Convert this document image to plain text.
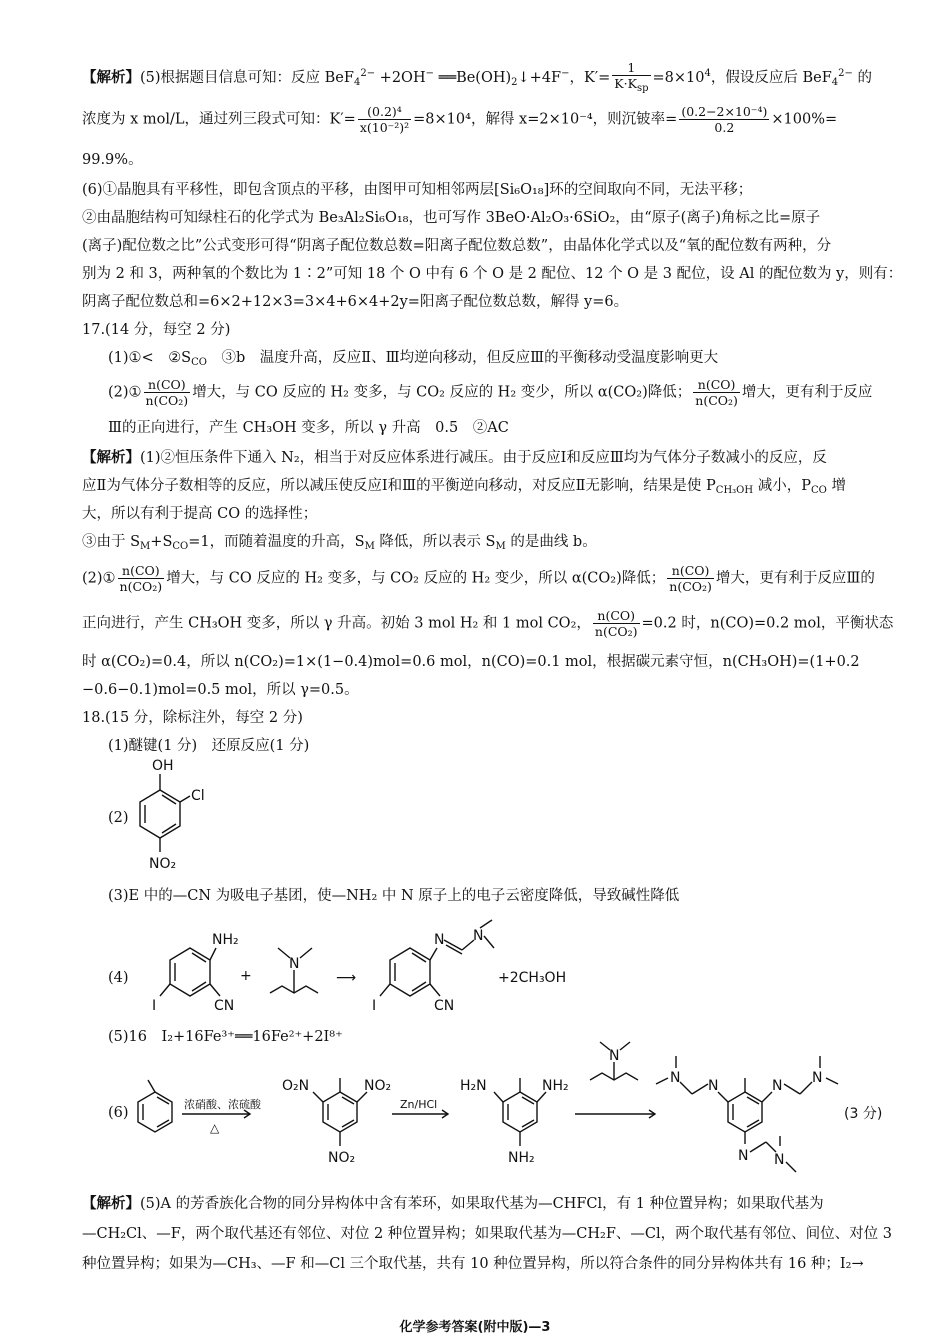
【解析】(5)根据题目信息可知：反应 BeF$_4^{2-}$ +2OH− $══Be(OH)_2↓+4F^-$，$K'= \frac{1}{K\cdot K_{sp}} =8\times 10^4$，假设反应后 BeF$_4^{2-}$ 的
浓度为 x mol/L，通过列三段式可知：$K'= \frac{\text{(0.2)⁴}}{\text{x(10⁻²)²}} =8\times 10^4$，解得 x=2×10⁻⁴，则沉铍率= $\frac{\text{(0.2−2×10⁻⁴)}}{0.2} \times 100\%=$
99.9%。
(6)①晶胞具有平移性，即包含顶点的平移，由图甲可知相邻两层[Si₆O₁₈]环的空间取向不同，无法平移；
②由晶胞结构可知绿柱石的化学式为 Be₃Al₂Si₆O₁₈，也可写作 3BeO·Al₂O₃·6SiO₂，由“原子(离子)角标之比=原子
(离子)配位数之比”公式变形可得“阴离子配位数总数=阳离子配位数总数”，由晶体化学式以及“氧的配位数有两种，分
别为 2 和 3，两种氧的个数比为 1∶2”可知 18 个 O 中有 6 个 O 是 2 配位、12 个 O 是 3 配位，设 Al 的配位数为 y，则有：
阴离子配位数总和=6×2+12×3=3×4+6×4+2y=阳离子配位数总数，解得 y=6。
17.(14 分，每空 2 分)
(1)①<　$②S_{CO}$　③b　温度升高，反应Ⅱ、Ⅲ均逆向移动，但反应Ⅲ的平衡移动受温度影响更大
(2)① $\frac{n(CO)}{\text{n(CO₂)}}$ 增大，与 CO 反应的 H₂ 变多，与 CO₂ 反应的 H₂ 变少，所以 α(CO₂)降低； $\frac{n(CO)}{\text{n(CO₂)}}$ 增大，更有利于反应
Ⅲ的正向进行，产生 CH₃OH 变多，所以 γ 升高　0.5　②AC
【解析】(1)②恒压条件下通入 N₂，相当于对反应体系进行减压。由于反应Ⅰ和反应Ⅲ均为气体分子数减小的反应，反
应Ⅱ为气体分子数相等的反应，所以减压使反应Ⅰ和Ⅲ的平衡逆向移动，对反应Ⅱ无影响，结果是使 $P_{CH_3OH}$ 减小，$P_{CO}$ 增
大，所以有利于提高 CO 的选择性；
③由于 $S_M+S_{CO}=1$，而随着温度的升高，$S_M$ 降低，所以表示 $S_M$ 的是曲线 b。
(2)① $\frac{n(CO)}{\text{n(CO₂)}}$ 增大，与 CO 反应的 H₂ 变多，与 CO₂ 反应的 H₂ 变少，所以 α(CO₂)降低； $\frac{n(CO)}{\text{n(CO₂)}}$ 增大，更有利于反应Ⅲ的
正向进行，产生 CH₃OH 变多，所以 γ 升高。初始 3 mol H₂ 和 1 mol CO₂， $\frac{n(CO)}{\text{n(CO₂)}} =0.2$ 时，n(CO)=0.2 mol，平衡状态
时 α(CO₂)=0.4，所以 n(CO₂)=1×(1−0.4)mol=0.6 mol，n(CO)=0.1 mol，根据碳元素守恒，n(CH₃OH)=(1+0.2
−0.6−0.1)mol=0.5 mol，所以 γ=0.5。
18.(15 分，除标注外，每空 2 分)
(1)醚键(1 分)　还原反应(1 分)
(2)
OH
Cl
NO₂
(3)E 中的—CN 为吸电子基团，使—NH₂ 中 N 原子上的电子云密度降低，导致碱性降低
(4)
NH₂
I	CN
+
N
⟶
N N
I	CN
+2CH₃OH
(5)16　I₂+16Fe³⁺══16Fe²⁺+2I⁸⁺
(6)
浓硝酸、浓硫酸
△
O₂N	NO₂
NO₂
Zn/HCl
H₂N	NH₂
NH₂
N
N
N	N N
N N
(3 分)
【解析】(5)A 的芳香族化合物的同分异构体中含有苯环，如果取代基为—CHFCl，有 1 种位置异构；如果取代基为
—CH₂Cl、—F，两个取代基还有邻位、对位 2 种位置异构；如果取代基为—CH₂F、—Cl，两个取代基有邻位、间位、对位 3
种位置异构；如果为—CH₃、—F 和—Cl 三个取代基，共有 10 种位置异构，所以符合条件的同分异构体共有 16 种；I₂→
化学参考答案(附中版)—3
